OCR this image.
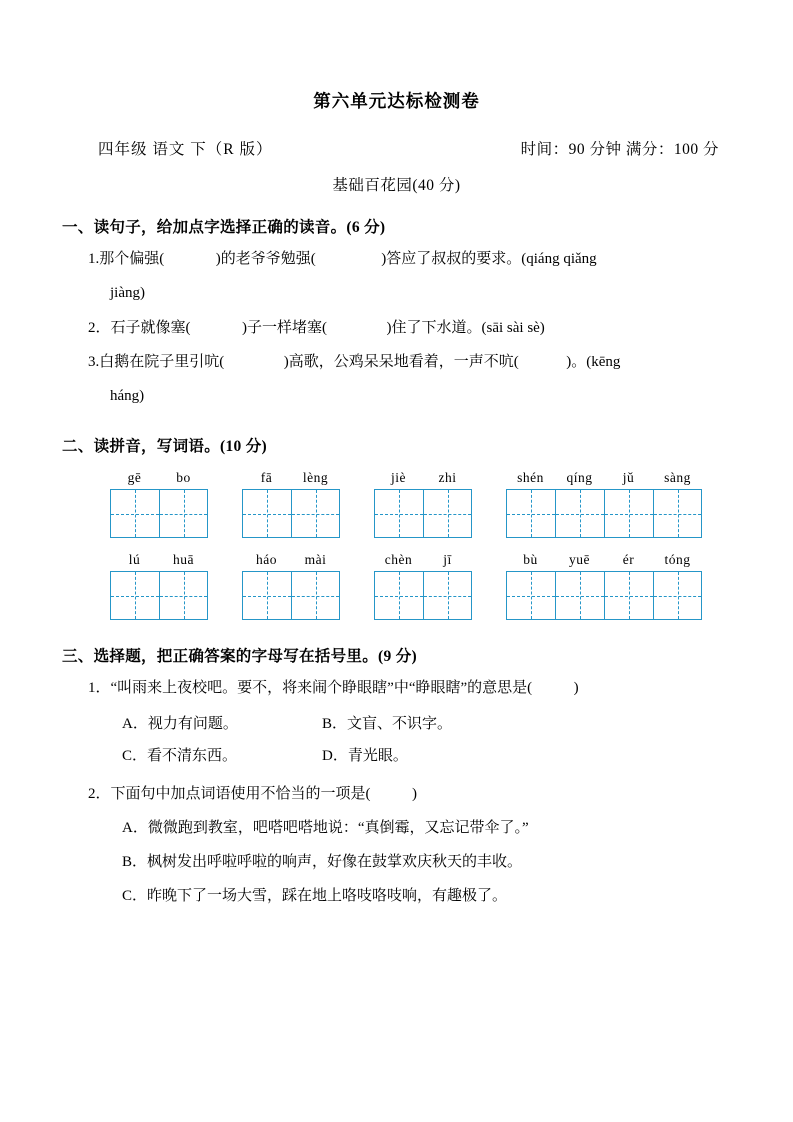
第六单元达标检测卷
四年级 语文 下（R 版）	时间：90 分钟 满分：100 分
基础百花园(40 分)
一、读句子，给加点字选择正确的读音。(6 分)
1.那个偏强(	)的老爷爷勉强(	)答应了叔叔的要求。(qiáng qiǎng
jiàng)
2．石子就像塞(	)子一样堵塞(	)住了下水道。(sāi sài sè)
3.白鹅在院子里引吭(	)高歌，公鸡呆呆地看着，一声不吭(	)。(kēng
háng)
二、读拼音，写词语。(10 分)
gē	bo	fā	lèng	jiè	zhi	shén	qíng	jǔ	sàng
lú	huā	háo	mài	chèn	jī	bù	yuē	ér	tóng
三、选择题，把正确答案的字母写在括号里。(9 分)
1．“叫雨来上夜校吧。要不，将来闹个睁眼瞎”中“睁眼瞎”的意思是(	)
A．视力有问题。	B．文盲、不识字。
C．看不清东西。	D．青光眼。
2．下面句中加点词语使用不恰当的一项是(	)
A．微微跑到教室，吧嗒吧嗒地说：“真倒霉，又忘记带伞了。”
B．枫树发出呼啦呼啦的响声，好像在鼓掌欢庆秋天的丰收。
C．昨晚下了一场大雪，踩在地上咯吱咯吱响，有趣极了。
